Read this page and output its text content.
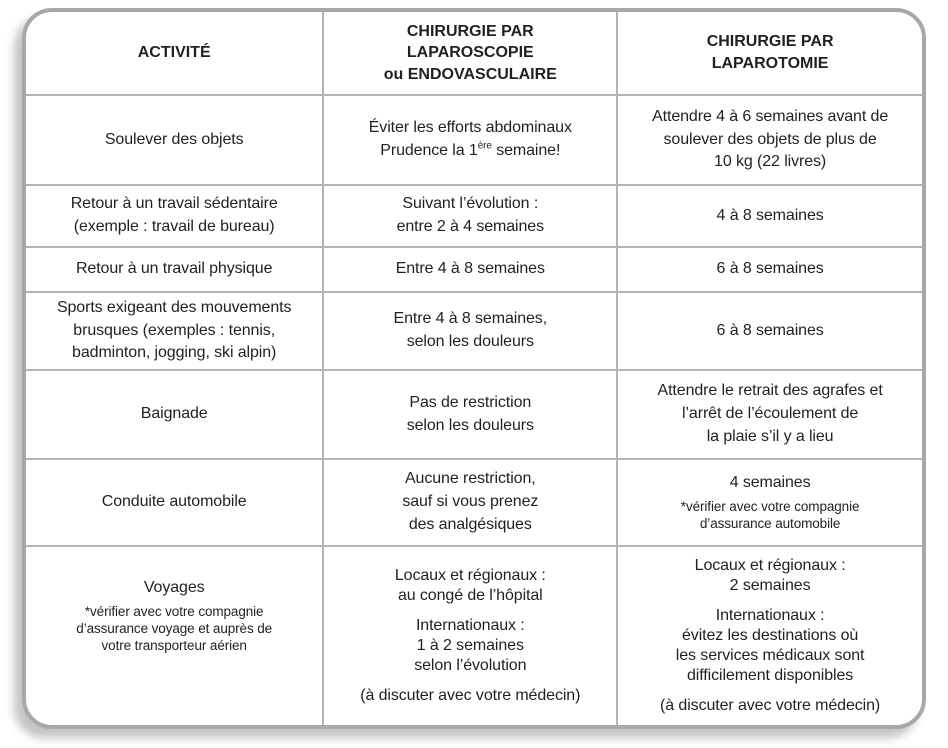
ACTIVITÉ
CHIRURGIE PAR
LAPAROSCOPIE
ou ENDOVASCULAIRE
CHIRURGIE PAR
LAPAROTOMIE
Soulever des objets
Éviter les efforts abdominaux
Prudence la 1ère semaine!
Attendre 4 à 6 semaines avant de
soulever des objets de plus de
10 kg (22 livres)
Retour à un travail sédentaire
(exemple : travail de bureau)
Suivant l’évolution :
entre 2 à 4 semaines
4 à 8 semaines
Retour à un travail physique	Entre 4 à 8 semaines	6 à 8 semaines
Sports exigeant des mouvements
brusques (exemples : tennis,
badminton, jogging, ski alpin)
Entre 4 à 8 semaines,
selon les douleurs
6 à 8 semaines
Baignade
Pas de restriction
selon les douleurs
Attendre le retrait des agrafes et
l’arrêt de l’écoulement de
la plaie s’il y a lieu
Conduite automobile
Aucune restriction,
sauf si vous prenez
des analgésiques
4 semaines
*vérifier avec votre compagnie
d’assurance automobile
Voyages
*vérifier avec votre compagnie
d’assurance voyage et auprès de
votre transporteur aérien
Locaux et régionaux :
au congé de l’hôpital
Internationaux :
1 à 2 semaines
selon l’évolution
(à discuter avec votre médecin)
Locaux et régionaux :
2 semaines
Internationaux :
évitez les destinations où
les services médicaux sont
difficilement disponibles
(à discuter avec votre médecin)
